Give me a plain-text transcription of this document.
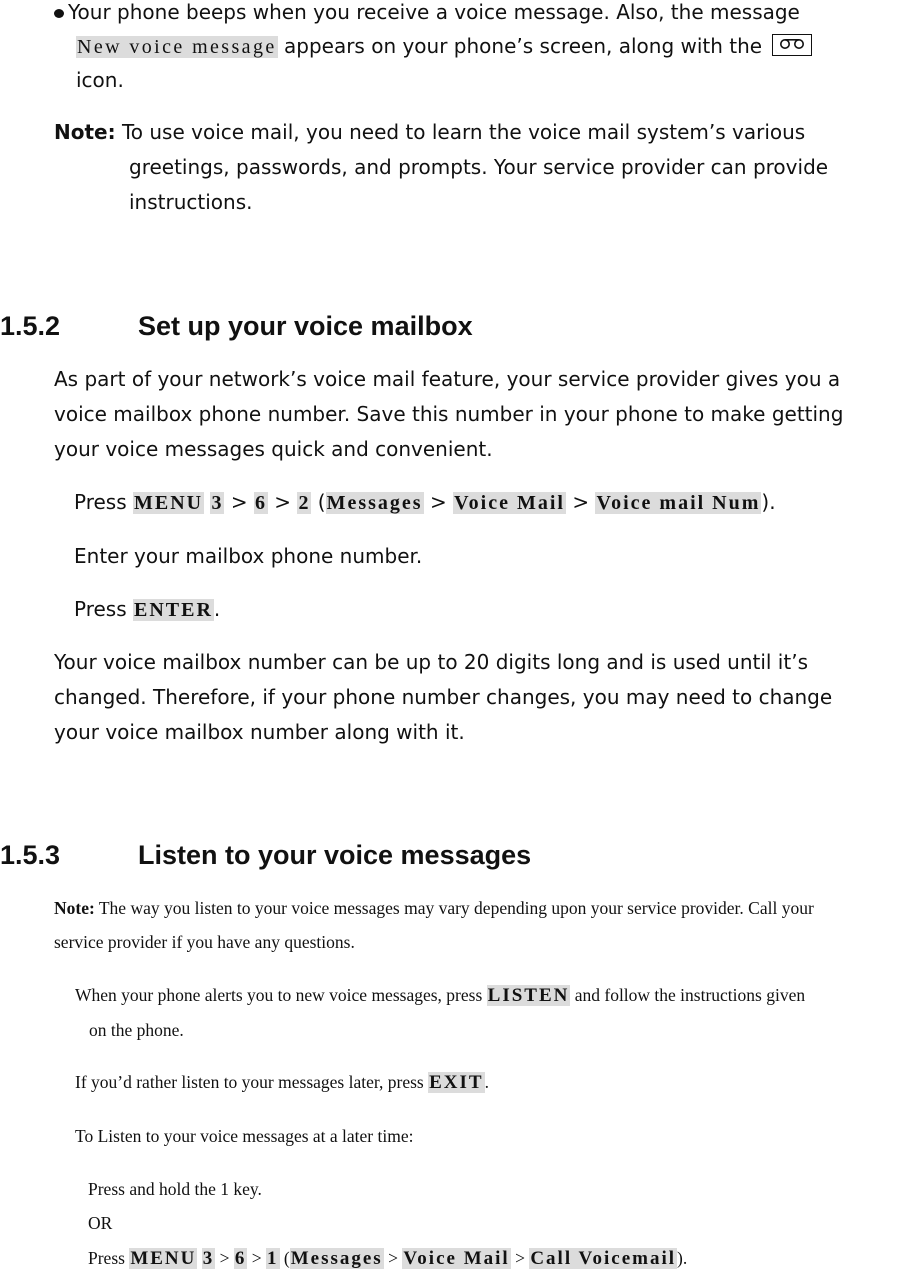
Your phone beeps when you receive a voice message. Also, the message
New voice message appears on your phone’s screen, along with the
icon.
Note: To use voice mail, you need to learn the voice mail system’s various
greetings, passwords, and prompts. Your service provider can provide
instructions.
1.5.2	Set up your voice mailbox
As part of your network’s voice mail feature, your service provider gives you a
voice mailbox phone number. Save this number in your phone to make getting
your voice messages quick and convenient.
Press MENU 3 > 6 > 2 (Messages > Voice Mail > Voice mail Num).
Enter your mailbox phone number.
Press ENTER.
Your voice mailbox number can be up to 20 digits long and is used until it’s
changed. Therefore, if your phone number changes, you may need to change
your voice mailbox number along with it.
1.5.3	Listen to your voice messages
Note: The way you listen to your voice messages may vary depending upon your service provider. Call your
service provider if you have any questions.
When your phone alerts you to new voice messages, press LISTEN and follow the instructions given
on the phone.
If you’d rather listen to your messages later, press EXIT.
To Listen to your voice messages at a later time:
Press and hold the 1 key.
OR
Press MENU 3 > 6 > 1 (Messages > Voice Mail > Call Voicemail).
